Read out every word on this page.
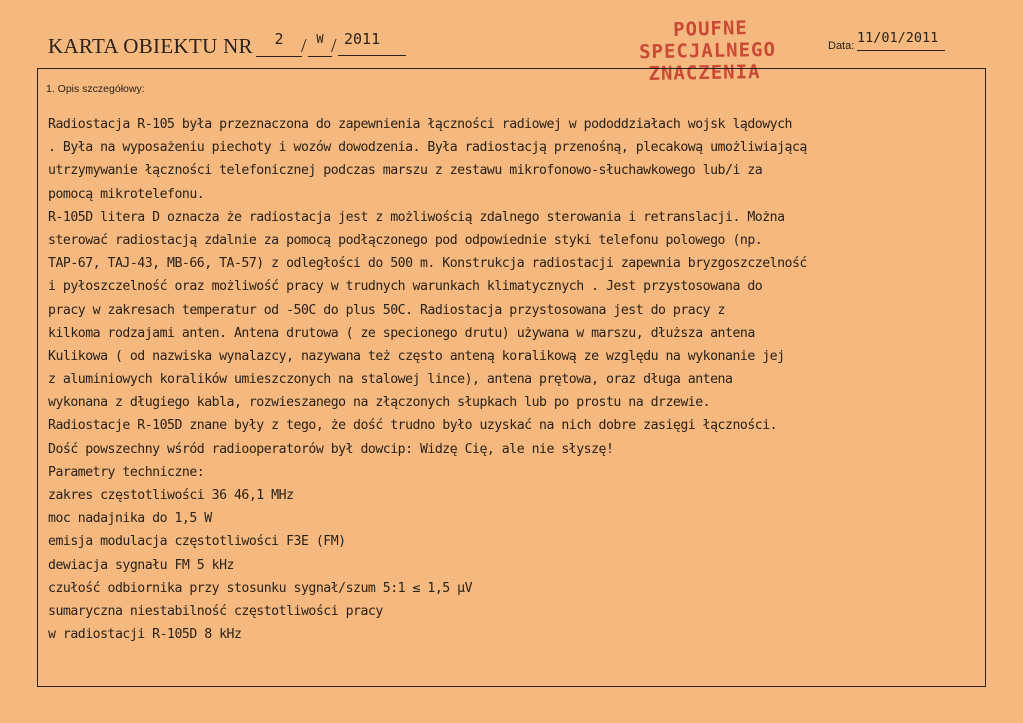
KARTA OBIEKTU NR	2 / W / 2011	POUFNE
SPECJALNEGO
ZNACZENIA
Data: 11/01/2011
1. Opis szczegółowy:
Radiostacja R-105 była przeznaczona do zapewnienia łączności radiowej w pododdziałach wojsk lądowych
. Była na wyposażeniu piechoty i wozów dowodzenia. Była radiostacją przenośną, plecakową umożliwiającą
utrzymywanie łączności telefonicznej podczas marszu z zestawu mikrofonowo-słuchawkowego lub/i za
pomocą mikrotelefonu.
R-105D litera D oznacza że radiostacja jest z możliwością zdalnego sterowania i retranslacji. Można
sterować radiostacją zdalnie za pomocą podłączonego pod odpowiednie styki telefonu polowego (np.
TAP-67, TAJ-43, MB-66, TA-57) z odległości do 500 m. Konstrukcja radiostacji zapewnia bryzgoszczelność
i pyłoszczelność oraz możliwość pracy w trudnych warunkach klimatycznych . Jest przystosowana do
pracy w zakresach temperatur od -50C do plus 50C. Radiostacja przystosowana jest do pracy z
kilkoma rodzajami anten. Antena drutowa ( ze specionego drutu) używana w marszu, dłuższa antena
Kulikowa ( od nazwiska wynalazcy, nazywana też często anteną koralikową ze względu na wykonanie jej
z aluminiowych koralików umieszczonych na stalowej lince), antena prętowa, oraz długa antena
wykonana z długiego kabla, rozwieszanego na złączonych słupkach lub po prostu na drzewie.
Radiostacje R-105D znane były z tego, że dość trudno było uzyskać na nich dobre zasięgi łączności.
Dość powszechny wśród radiooperatorów był dowcip: Widzę Cię, ale nie słyszę!
Parametry techniczne:
zakres częstotliwości 36 46,1 MHz
moc nadajnika do 1,5 W
emisja modulacja częstotliwości F3E (FM)
dewiacja sygnału FM 5 kHz
czułość odbiornika przy stosunku sygnał/szum 5:1 ≤ 1,5 μV
sumaryczna niestabilność częstotliwości pracy
w radiostacji R-105D 8 kHz
